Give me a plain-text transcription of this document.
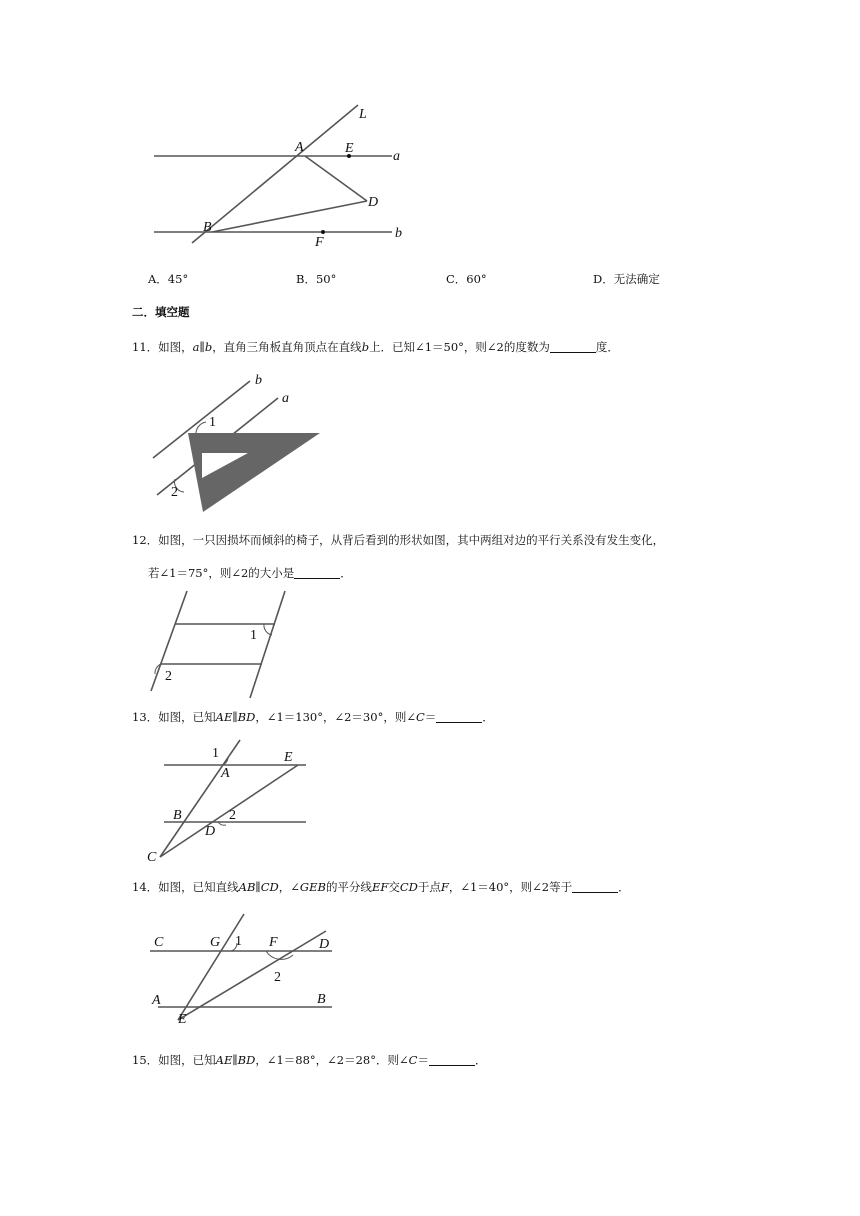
L
A	E
a
D
B
F
b
A．45°	B．50°	C．60°	D．无法确定
二．填空题
11．如图，a∥b，直角三角板直角顶点在直线b上．已知∠1＝50°，则∠2的度数为	度．
b
a
1
2
12．如图，一只因损坏而倾斜的椅子，从背后看到的形状如图，其中两组对边的平行关系没有发生变化，
若∠1＝75°，则∠2的大小是	．
1
2
13．如图，已知AE∥BD，∠1＝130°，∠2＝30°，则∠C＝	．
1
A
E
B	2
D
C
14．如图，已知直线AB∥CD，∠GEB的平分线EF交CD于点F，∠1＝40°，则∠2等于	．
C	G 1 F	D
2
A	B
E
15．如图，已知AE∥BD，∠1＝88°，∠2＝28°．则∠C＝	．
